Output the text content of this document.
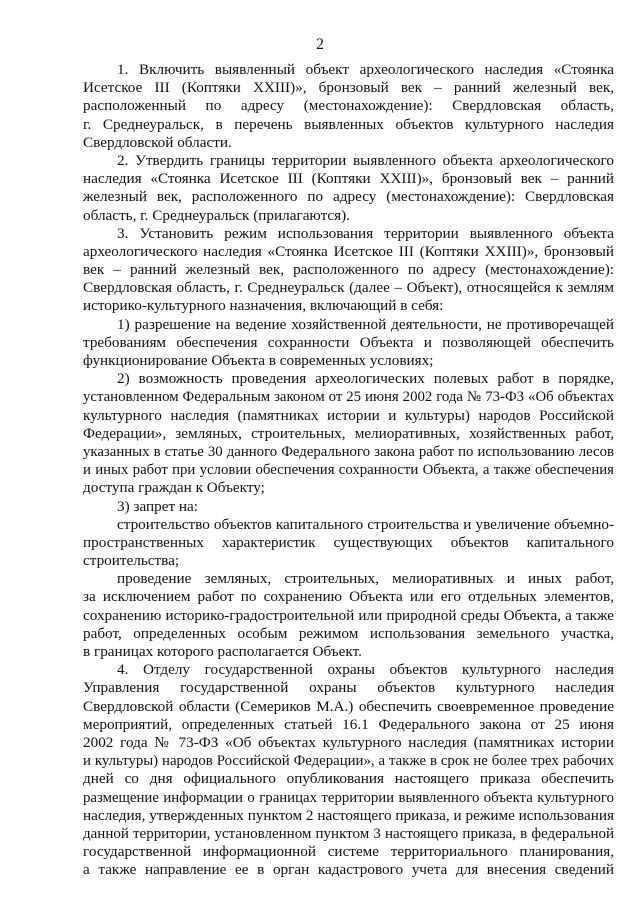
2
1. Включить выявленный объект археологического наследия «Стоянка
Исетское III (Коптяки XXIII)», бронзовый век – ранний железный век,
расположенный по адресу (местонахождение): Свердловская область,
г. Среднеуральск, в перечень выявленных объектов культурного наследия
Свердловской области.
2. Утвердить границы территории выявленного объекта археологического
наследия «Стоянка Исетское III (Коптяки XXIII)», бронзовый век – ранний
железный век, расположенного по адресу (местонахождение): Свердловская
область, г. Среднеуральск (прилагаются).
3. Установить режим использования территории выявленного объекта
археологического наследия «Стоянка Исетское III (Коптяки XXIII)», бронзовый
век – ранний железный век, расположенного по адресу (местонахождение):
Свердловская область, г. Среднеуральск (далее – Объект), относящейся к землям
историко-культурного назначения, включающий в себя:
1) разрешение на ведение хозяйственной деятельности, не противоречащей
требованиям обеспечения сохранности Объекта и позволяющей обеспечить
функционирование Объекта в современных условиях;
2) возможность проведения археологических полевых работ в порядке,
установленном Федеральным законом от 25 июня 2002 года № 73-ФЗ «Об объектах
культурного наследия (памятниках истории и культуры) народов Российской
Федерации», земляных, строительных, мелиоративных, хозяйственных работ,
указанных в статье 30 данного Федерального закона работ по использованию лесов
и иных работ при условии обеспечения сохранности Объекта, а также обеспечения
доступа граждан к Объекту;
3) запрет на:
строительство объектов капитального строительства и увеличение объемно-
пространственных характеристик существующих объектов капитального
строительства;
проведение земляных, строительных, мелиоративных и иных работ,
за исключением работ по сохранению Объекта или его отдельных элементов,
сохранению историко-градостроительной или природной среды Объекта, а также
работ, определенных особым режимом использования земельного участка,
в границах которого располагается Объект.
4. Отделу государственной охраны объектов культурного наследия
Управления государственной охраны объектов культурного наследия
Свердловской области (Семериков М.А.) обеспечить своевременное проведение
мероприятий, определенных статьей 16.1 Федерального закона от 25 июня
2002 года № 73-ФЗ «Об объектах культурного наследия (памятниках истории
и культуры) народов Российской Федерации», а также в срок не более трех рабочих
дней со дня официального опубликования настоящего приказа обеспечить
размещение информации о границах территории выявленного объекта культурного
наследия, утвержденных пунктом 2 настоящего приказа, и режиме использования
данной территории, установленном пунктом 3 настоящего приказа, в федеральной
государственной информационной системе территориального планирования,
а также направление ее в орган кадастрового учета для внесения сведений
